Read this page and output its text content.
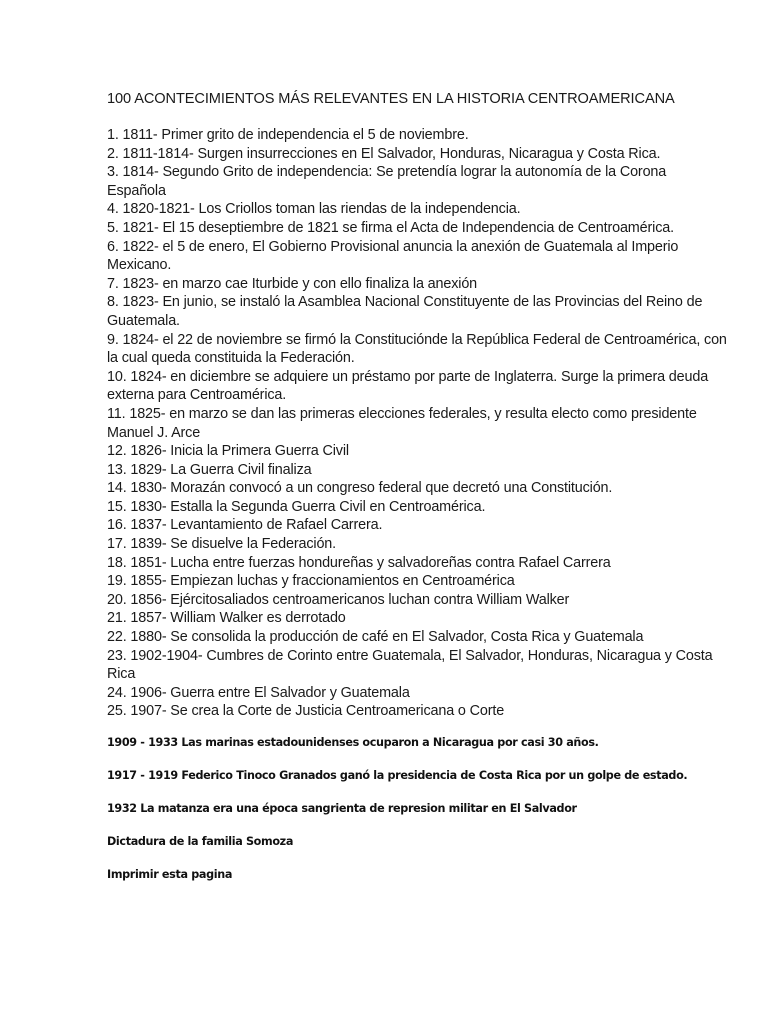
100 ACONTECIMIENTOS MÁS RELEVANTES EN LA HISTORIA CENTROAMERICANA
1. 1811- Primer grito de independencia el 5 de noviembre.
2. 1811-1814- Surgen insurrecciones en El Salvador, Honduras, Nicaragua y Costa Rica.
3. 1814- Segundo Grito de independencia: Se pretendía lograr la autonomía de la Corona Española
4. 1820-1821- Los Criollos toman las riendas de la independencia.
5. 1821- El 15 deseptiembre de 1821 se firma el Acta de Independencia de Centroamérica.
6. 1822- el 5 de enero, El Gobierno Provisional anuncia la anexión de Guatemala al Imperio Mexicano.
7. 1823- en marzo cae Iturbide y con ello finaliza la anexión
8. 1823- En junio, se instaló la Asamblea Nacional Constituyente de las Provincias del Reino de Guatemala.
9. 1824- el 22 de noviembre se firmó la Constituciónde la República Federal de Centroamérica, con la cual queda constituida la Federación.
10. 1824- en diciembre se adquiere un préstamo por parte de Inglaterra. Surge la primera deuda externa para Centroamérica.
11. 1825- en marzo se dan las primeras elecciones federales, y resulta electo como presidente Manuel J. Arce
12. 1826- Inicia la Primera Guerra Civil
13. 1829- La Guerra Civil finaliza
14. 1830- Morazán convocó a un congreso federal que decretó una Constitución.
15. 1830- Estalla la Segunda Guerra Civil en Centroamérica.
16. 1837- Levantamiento de Rafael Carrera.
17. 1839- Se disuelve la Federación.
18. 1851- Lucha entre fuerzas hondureñas y salvadoreñas contra Rafael Carrera
19. 1855- Empiezan luchas y fraccionamientos en Centroamérica
20. 1856- Ejércitosaliados centroamericanos luchan contra William Walker
21. 1857- William Walker es derrotado
22. 1880- Se consolida la producción de café en El Salvador, Costa Rica y Guatemala
23. 1902-1904- Cumbres de Corinto entre Guatemala, El Salvador, Honduras, Nicaragua y Costa Rica
24. 1906- Guerra entre El Salvador y Guatemala
25. 1907- Se crea la Corte de Justicia Centroamericana o Corte

1909 - 1933 Las marinas estadounidenses ocuparon a Nicaragua por casi 30 años.

1917 - 1919 Federico Tinoco Granados ganó la presidencia de Costa Rica por un golpe de estado.

1932 La matanza era una época sangrienta de represion militar en El Salvador

Dictadura de la familia Somoza

Imprimir esta pagina
